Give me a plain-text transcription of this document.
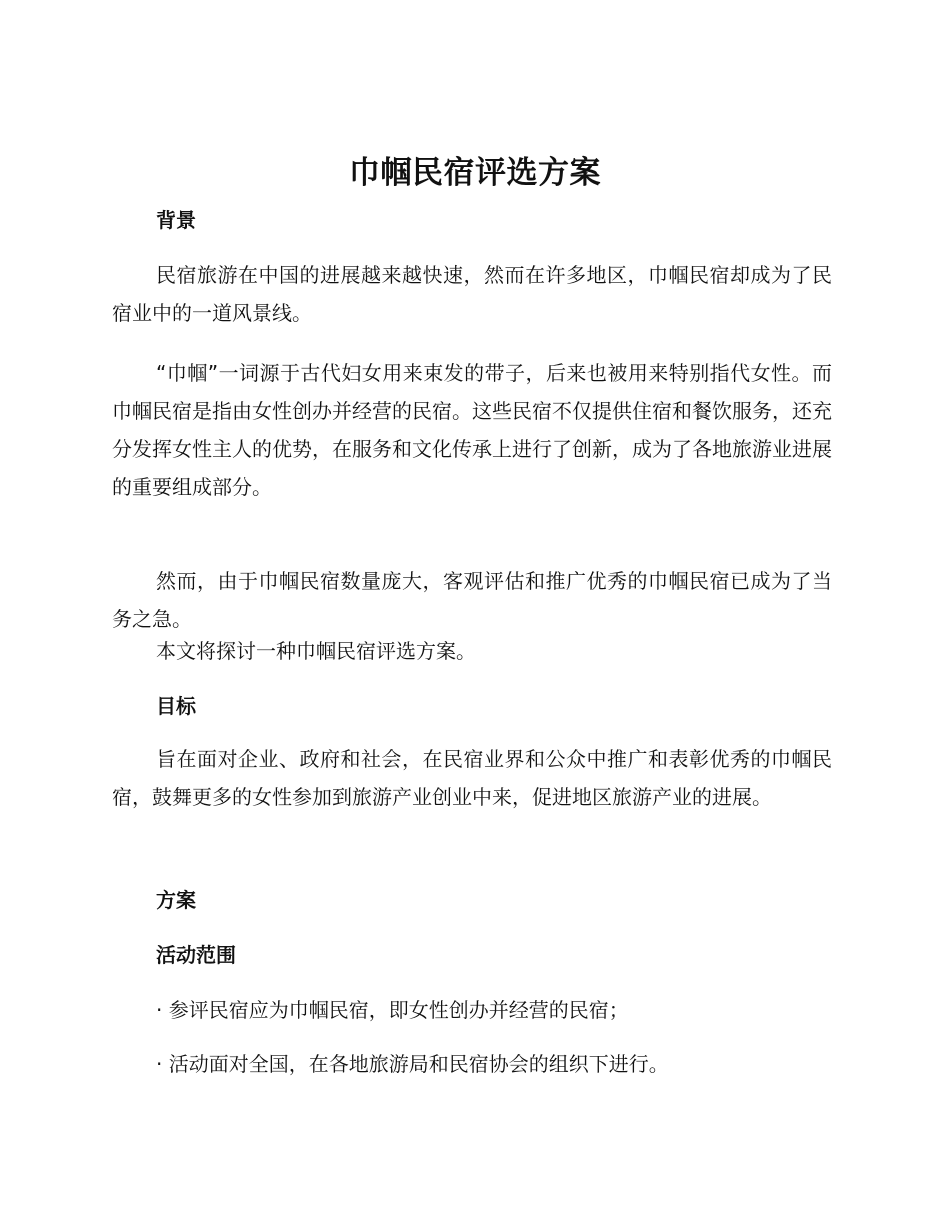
巾帼民宿评选方案
背景

民宿旅游在中国的进展越来越快速，然而在许多地区，巾帼民宿却成为了民宿业中的一道风景线。

“巾帼”一词源于古代妇女用来束发的带子，后来也被用来特别指代女性。而巾帼民宿是指由女性创办并经营的民宿。这些民宿不仅提供住宿和餐饮服务，还充分发挥女性主人的优势，在服务和文化传承上进行了创新，成为了各地旅游业进展的重要组成部分。

然而，由于巾帼民宿数量庞大，客观评估和推广优秀的巾帼民宿已成为了当务之急。

本文将探讨一种巾帼民宿评选方案。

目标

旨在面对企业、政府和社会，在民宿业界和公众中推广和表彰优秀的巾帼民宿，鼓舞更多的女性参加到旅游产业创业中来，促进地区旅游产业的进展。

方案
活动范围

· 参评民宿应为巾帼民宿，即女性创办并经营的民宿；

· 活动面对全国，在各地旅游局和民宿协会的组织下进行。
